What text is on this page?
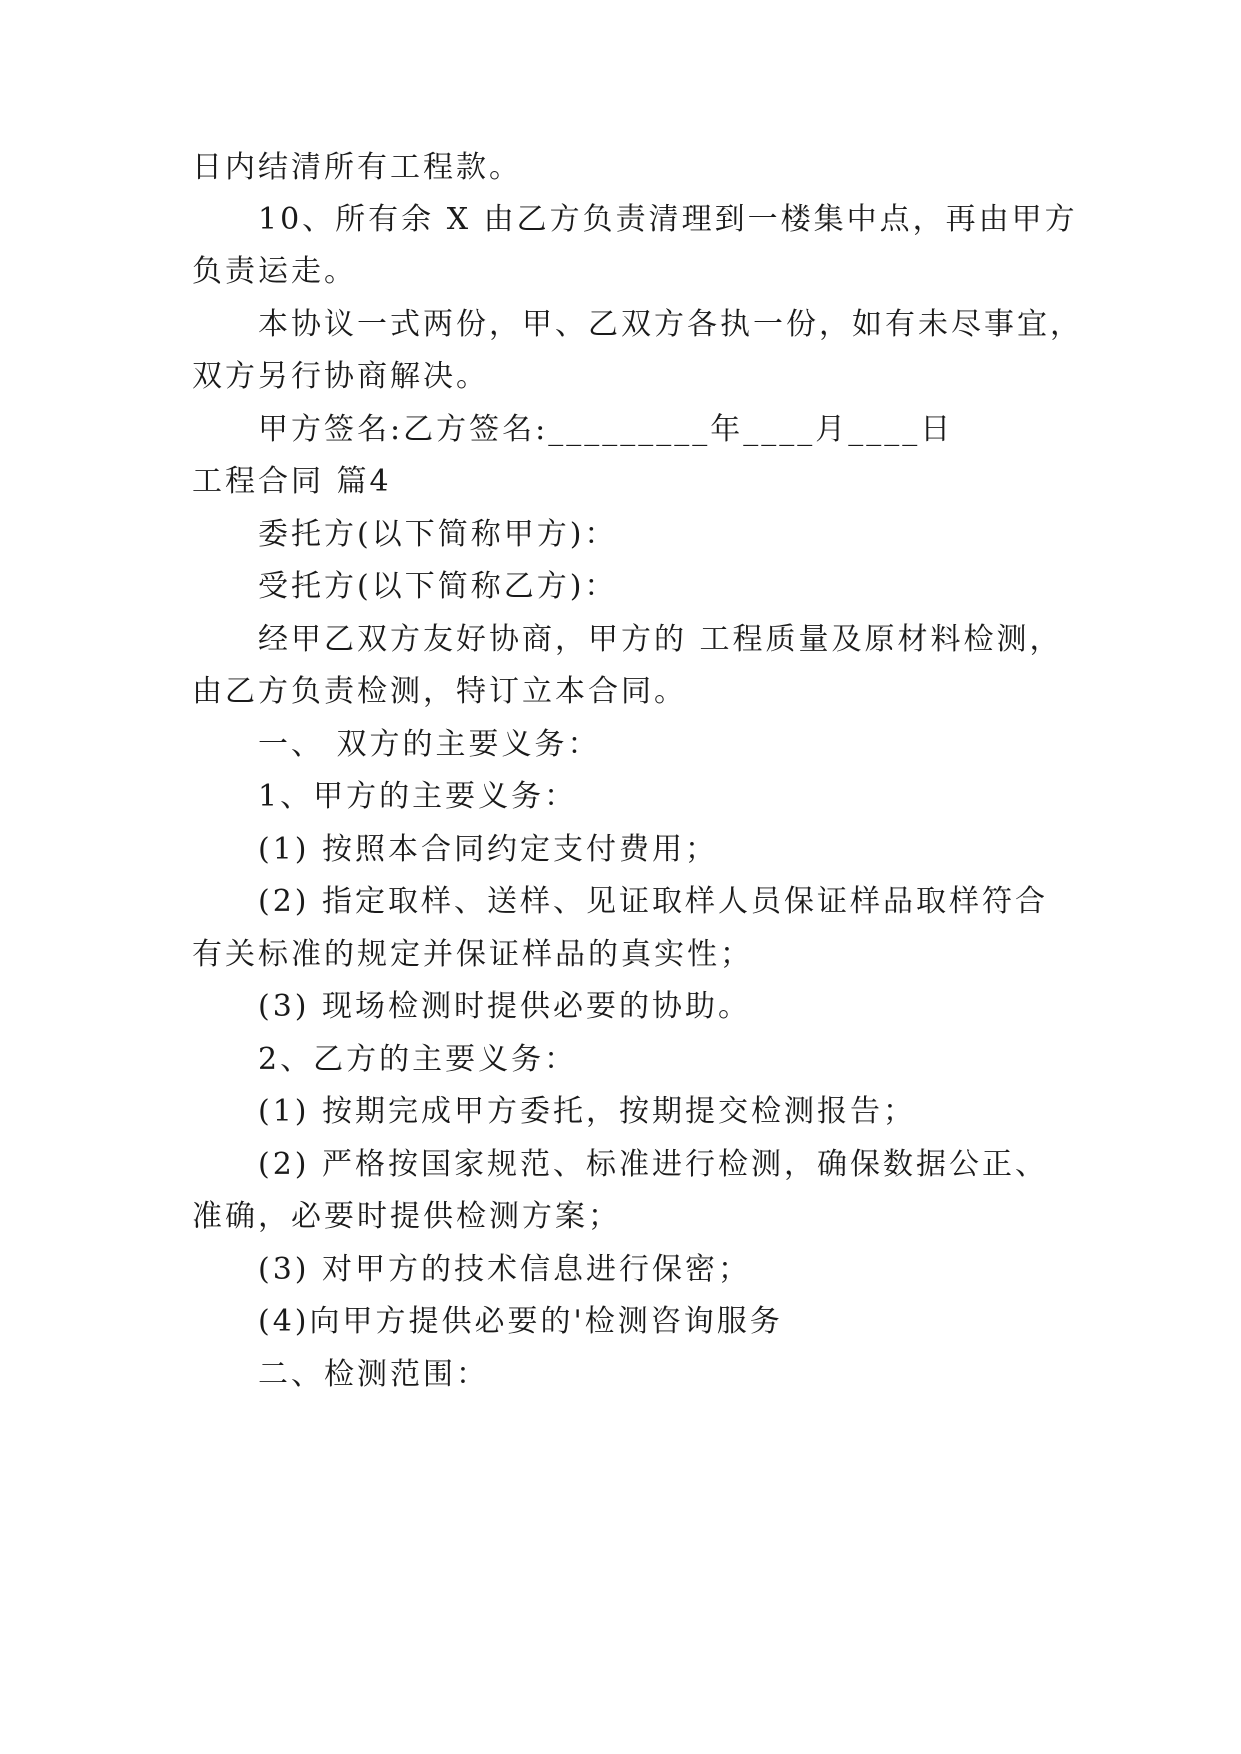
日内结清所有工程款。
10、所有余 X 由乙方负责清理到一楼集中点，再由甲方
负责运走。
本协议一式两份，甲、乙双方各执一份，如有未尽事宜，
双方另行协商解决。
甲方签名:乙方签名:_________年____月____日
工程合同 篇4
委托方(以下简称甲方)：
受托方(以下简称乙方)：
经甲乙双方友好协商，甲方的 工程质量及原材料检测，
由乙方负责检测，特订立本合同。
一、 双方的主要义务：
1、甲方的主要义务：
(1) 按照本合同约定支付费用；
(2) 指定取样、送样、见证取样人员保证样品取样符合
有关标准的规定并保证样品的真实性；
(3) 现场检测时提供必要的协助。
2、乙方的主要义务：
(1) 按期完成甲方委托，按期提交检测报告；
(2) 严格按国家规范、标准进行检测，确保数据公正、
准确，必要时提供检测方案；
(3) 对甲方的技术信息进行保密；
(4)向甲方提供必要的'检测咨询服务
二、检测范围：
